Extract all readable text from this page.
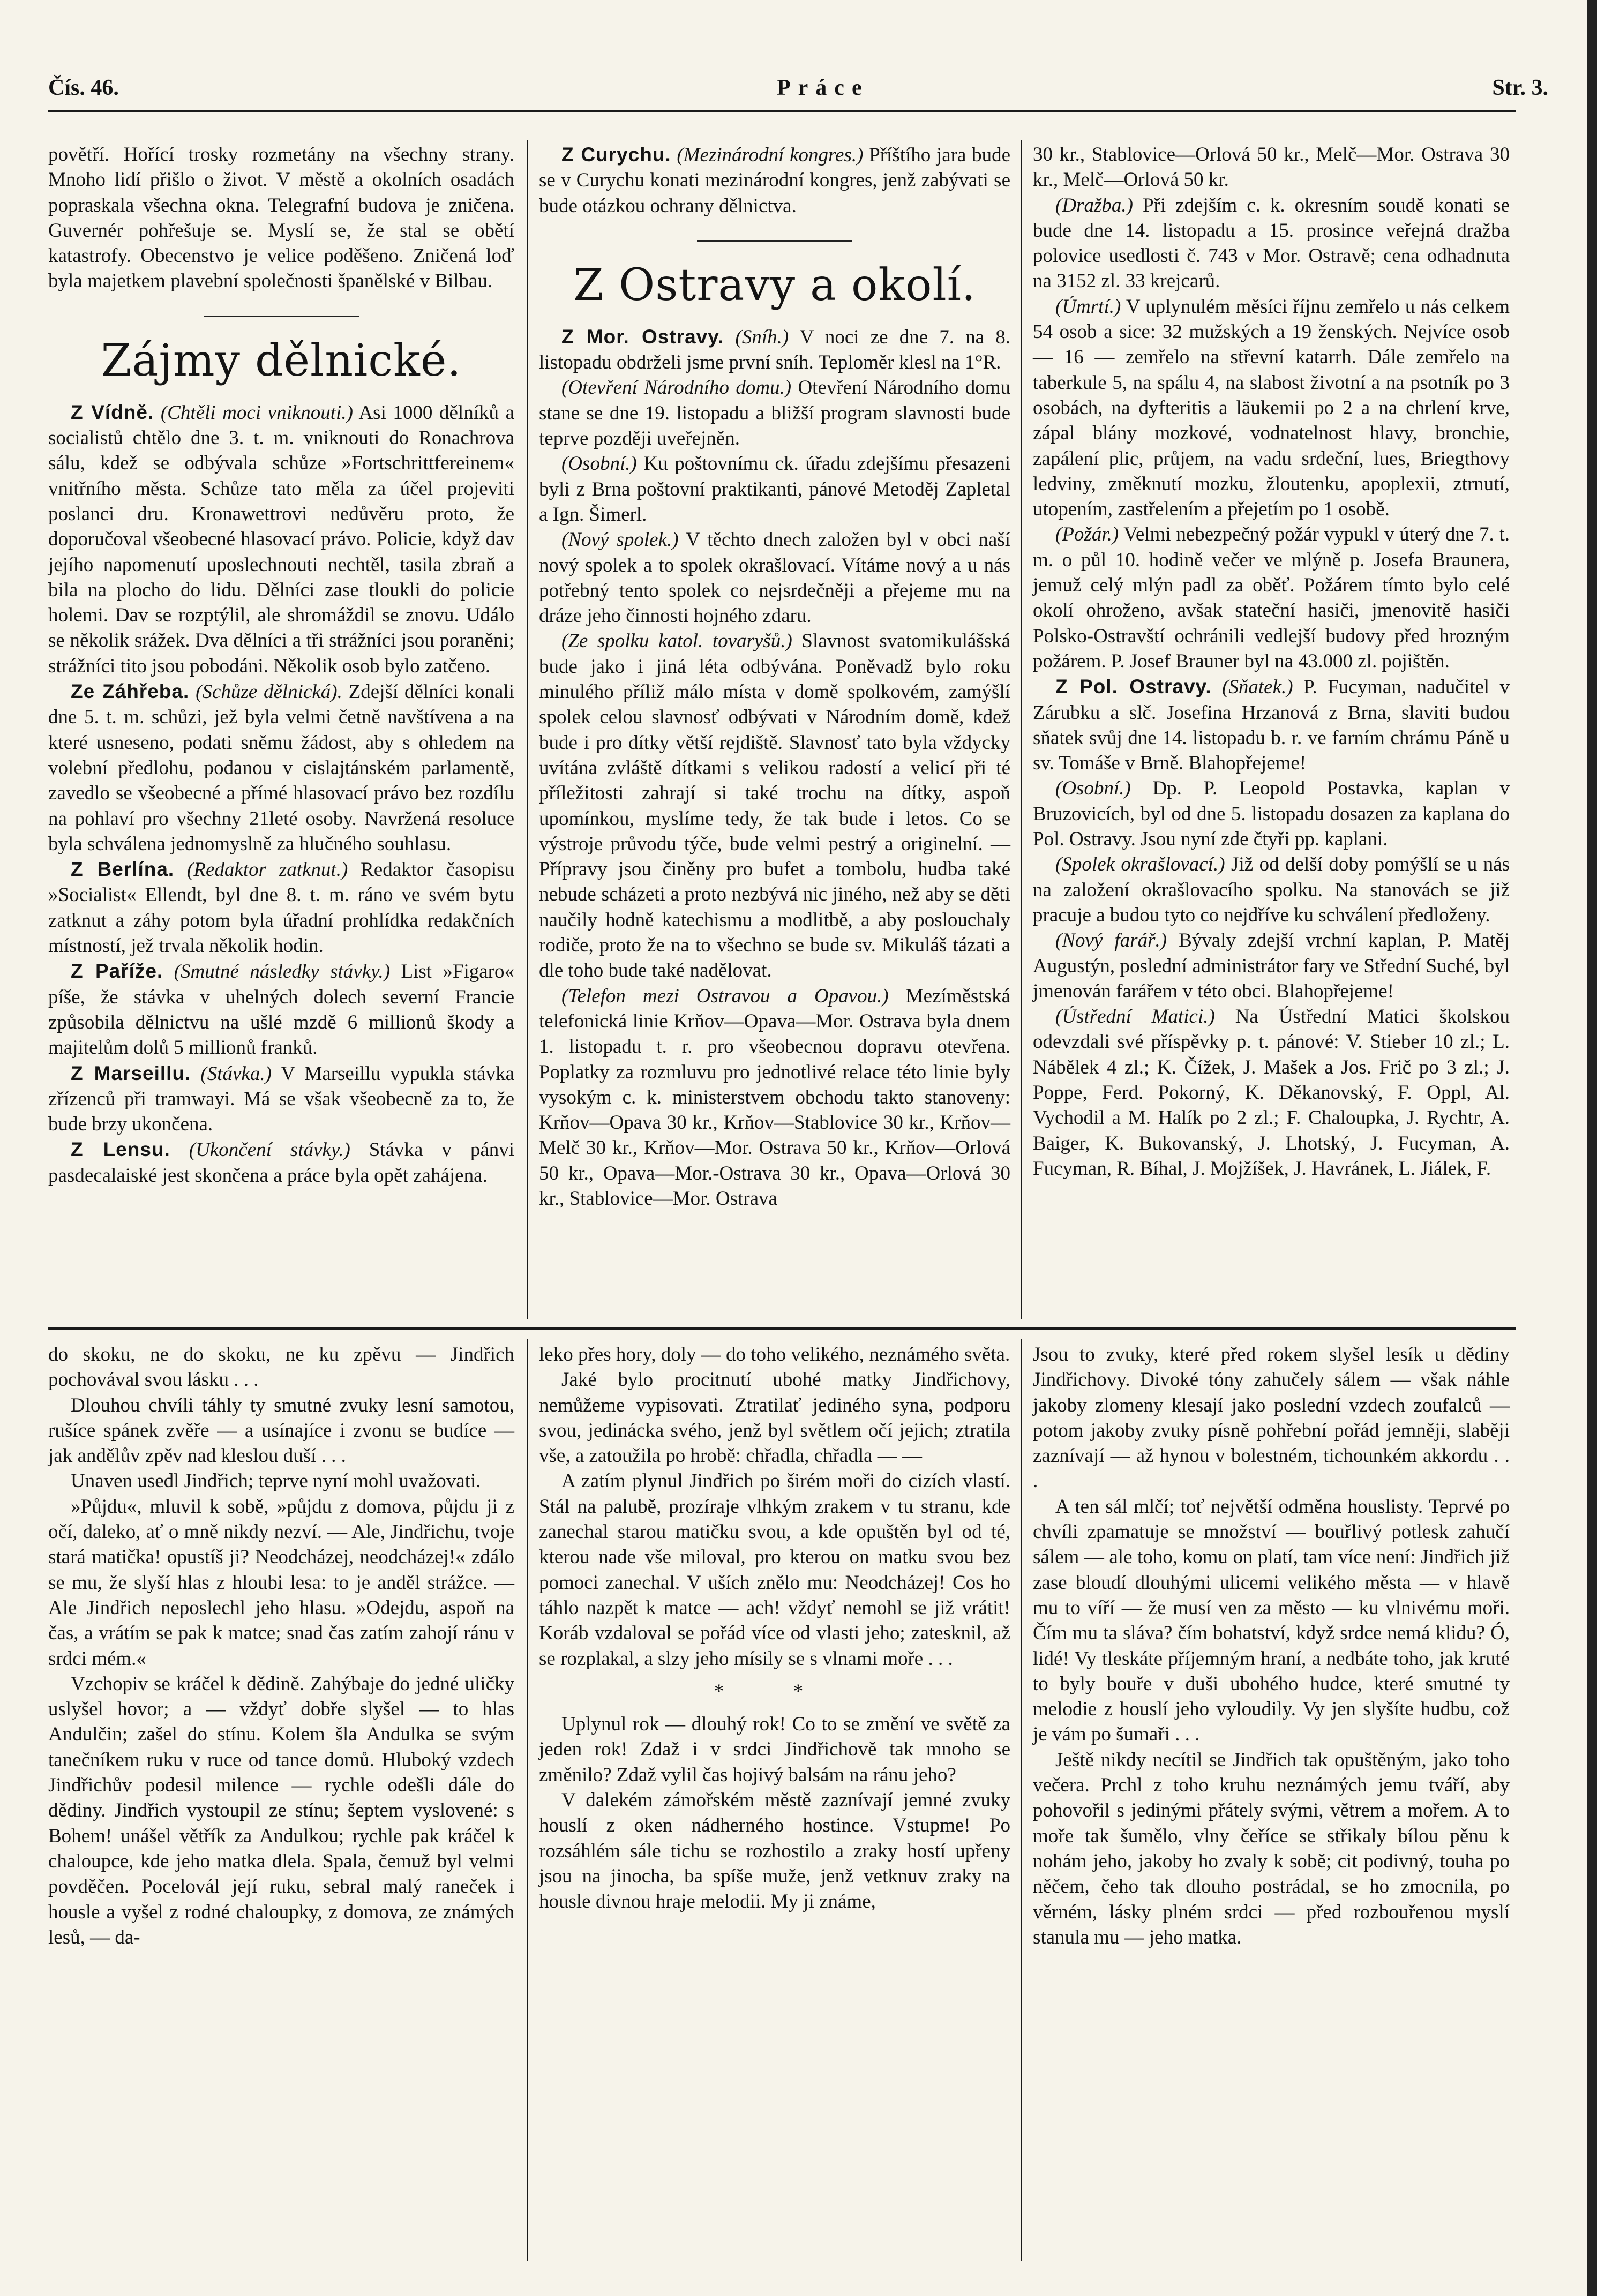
Čís. 46.	Práce	Str. 3.

povětří. Hořící trosky rozmetány na všechny strany. Mnoho lidí přišlo o život. V městě a okolních osadách popraskala všechna okna. Telegrafní budova je zničena. Guvernér pohřešuje se. Myslí se, že stal se obětí katastrofy. Obecenstvo je velice poděšeno. Zničená loď byla majetkem plavební společnosti španělské v Bilbau.

Zájmy dělnické.

Z Vídně. (Chtěli moci vniknouti.) Asi 1000 dělníků a socialistů chtělo dne 3. t. m. vniknouti do Ronachrova sálu, kdež se odbývala schůze »Fortschrittfereinem« vnitřního města. Schůze tato měla za účel projeviti poslanci dru. Kronawettrovi nedůvěru proto, že doporučoval všeobecné hlasovací právo. Policie, když dav jejího napomenutí uposlechnouti nechtěl, tasila zbraň a bila na plocho do lidu. Dělníci zase tloukli do policie holemi. Dav se rozptýlil, ale shromáždil se znovu. Událo se několik srážek. Dva dělníci a tři strážníci jsou poraněni; strážníci tito jsou pobodáni. Několik osob bylo zatčeno.

Ze Záhřeba. (Schůze dělnická). Zdejší dělníci konali dne 5. t. m. schůzi, jež byla velmi četně navštívena a na které usneseno, podati sněmu žádost, aby s ohledem na volební předlohu, podanou v cislajtánském parlamentě, zavedlo se všeobecné a přímé hlasovací právo bez rozdílu na pohlaví pro všechny 21leté osoby. Navržená resoluce byla schválena jednomyslně za hlučného souhlasu.

Z Berlína. (Redaktor zatknut.) Redaktor časopisu »Socialist« Ellendt, byl dne 8. t. m. ráno ve svém bytu zatknut a záhy potom byla úřadní prohlídka redakčních místností, jež trvala několik hodin.

Z Paříže. (Smutné následky stávky.) List »Figaro« píše, že stávka v uhelných dolech severní Francie způsobila dělnictvu na ušlé mzdě 6 millionů škody a majitelům dolů 5 millionů franků.

Z Marseillu. (Stávka.) V Marseillu vypukla stávka zřízenců při tramwayi. Má se však všeobecně za to, že bude brzy ukončena.

Z Lensu. (Ukončení stávky.) Stávka v pánvi pasdecalaiské jest skončena a práce byla opět zahájena.

Z Curychu. (Mezinárodní kongres.) Příštího jara bude se v Curychu konati mezinárodní kongres, jenž zabývati se bude otázkou ochrany dělnictva.

Z Ostravy a okolí.

Z Mor. Ostravy. (Sníh.) V noci ze dne 7. na 8. listopadu obdrželi jsme první sníh. Teploměr klesl na 1°R.

(Otevření Národního domu.) Otevření Národního domu stane se dne 19. listopadu a bližší program slavnosti bude teprve později uveřejněn.

(Osobní.) Ku poštovnímu ck. úřadu zdejšímu přesazeni byli z Brna poštovní praktikanti, pánové Metoděj Zapletal a Ign. Šimerl.

(Nový spolek.) V těchto dnech založen byl v obci naší nový spolek a to spolek okrašlovací. Vítáme nový a u nás potřebný tento spolek co nejsrdečněji a přejeme mu na dráze jeho činnosti hojného zdaru.

(Ze spolku katol. tovaryšů.) Slavnost svatomikulášská bude jako i jiná léta odbývána. Poněvadž bylo roku minulého příliž málo místa v domě spolkovém, zamýšlí spolek celou slavnosť odbývati v Národním domě, kdež bude i pro dítky větší rejdiště. Slavnosť tato byla vždycky uvítána zvláště dítkami s velikou radostí a velicí při té příležitosti zahrají si také trochu na dítky, aspoň upomínkou, myslíme tedy, že tak bude i letos. Co se výstroje průvodu týče, bude velmi pestrý a originelní. — Přípravy jsou činěny pro bufet a tombolu, hudba také nebude scházeti a proto nezbývá nic jiného, než aby se děti naučily hodně katechismu a modlitbě, a aby poslouchaly rodiče, proto že na to všechno se bude sv. Mikuláš tázati a dle toho bude také nadělovat.

(Telefon mezi Ostravou a Opavou.) Mezíměstská telefonická linie Krňov—Opava—Mor. Ostrava byla dnem 1. listopadu t. r. pro všeobecnou dopravu otevřena. Poplatky za rozmluvu pro jednotlivé relace této linie byly vysokým c. k. ministerstvem obchodu takto stanoveny: Krňov—Opava 30 kr., Krňov—Stablovice 30 kr., Krňov—Melč 30 kr., Krňov—Mor. Ostrava 50 kr., Krňov—Orlová 50 kr., Opava—Mor.-Ostrava 30 kr., Opava—Orlová 30 kr., Stablovice—Mor. Ostrava

30 kr., Stablovice—Orlová 50 kr., Melč—Mor. Ostrava 30 kr., Melč—Orlová 50 kr.

(Dražba.) Při zdejším c. k. okresním soudě konati se bude dne 14. listopadu a 15. prosince veřejná dražba polovice usedlosti č. 743 v Mor. Ostravě; cena odhadnuta na 3152 zl. 33 krejcarů.

(Úmrtí.) V uplynulém měsíci říjnu zemřelo u nás celkem 54 osob a sice: 32 mužských a 19 ženských. Nejvíce osob — 16 — zemřelo na střevní katarrh. Dále zemřelo na taberkule 5, na spálu 4, na slabost životní a na psotník po 3 osobách, na dyfteritis a läukemii po 2 a na chrlení krve, zápal blány mozkové, vodnatelnost hlavy, bronchie, zapálení plic, průjem, na vadu srdeční, lues, Briegthovy ledviny, změknutí mozku, žloutenku, apoplexii, ztrnutí, utopením, zastřelením a přejetím po 1 osobě.

(Požár.) Velmi nebezpečný požár vypukl v úterý dne 7. t. m. o půl 10. hodině večer ve mlýně p. Josefa Braunera, jemuž celý mlýn padl za oběť. Požárem tímto bylo celé okolí ohroženo, avšak stateční hasiči, jmenovitě hasiči Polsko-Ostravští ochránili vedlejší budovy před hrozným požárem. P. Josef Brauner byl na 43.000 zl. pojištěn.

Z Pol. Ostravy. (Sňatek.) P. Fucyman, nadučitel v Zárubku a slč. Josefina Hrzanová z Brna, slaviti budou sňatek svůj dne 14. listopadu b. r. ve farním chrámu Páně u sv. Tomáše v Brně. Blahopřejeme!

(Osobní.) Dp. P. Leopold Postavka, kaplan v Bruzovicích, byl od dne 5. listopadu dosazen za kaplana do Pol. Ostravy. Jsou nyní zde čtyři pp. kaplani.

(Spolek okrašlovací.) Již od delší doby pomýšlí se u nás na založení okrašlovacího spolku. Na stanovách se již pracuje a budou tyto co nejdříve ku schválení předloženy.

(Nový farář.) Bývaly zdejší vrchní kaplan, P. Matěj Augustýn, poslední administrátor fary ve Střední Suché, byl jmenován farářem v této obci. Blahopřejeme!

(Ústřední Matici.) Na Ústřední Matici školskou odevzdali své příspěvky p. t. pánové: V. Stieber 10 zl.; L. Nábělek 4 zl.; K. Čížek, J. Mašek a Jos. Frič po 3 zl.; J. Poppe, Ferd. Pokorný, K. Děkanovský, F. Oppl, Al. Vychodil a M. Halík po 2 zl.; F. Chaloupka, J. Rychtr, A. Baiger, K. Bukovanský, J. Lhotský, J. Fucyman, A. Fucyman, R. Bíhal, J. Mojžíšek, J. Havránek, L. Jiálek, F.

do skoku, ne do skoku, ne ku zpěvu — Jindřich pochovával svou lásku . . .

Dlouhou chvíli táhly ty smutné zvuky lesní samotou, rušíce spánek zvěře — a usínajíce i zvonu se budíce — jak andělův zpěv nad kleslou duší . . .

Unaven usedl Jindřich; teprve nyní mohl uvažovati.

»Půjdu«, mluvil k sobě, »půjdu z domova, půjdu ji z očí, daleko, ať o mně nikdy nezví. — Ale, Jindřichu, tvoje stará matička! opustíš ji? Neodcházej, neodcházej!« zdálo se mu, že slyší hlas z hloubi lesa: to je anděl strážce. — Ale Jindřich neposlechl jeho hlasu. »Odejdu, aspoň na čas, a vrátím se pak k matce; snad čas zatím zahojí ránu v srdci mém.«

Vzchopiv se kráčel k dědině. Zahýbaje do jedné uličky uslyšel hovor; a — vždyť dobře slyšel — to hlas Andulčin; zašel do stínu. Kolem šla Andulka se svým tanečníkem ruku v ruce od tance domů. Hluboký vzdech Jindřichův podesil milence — rychle odešli dále do dědiny. Jindřich vystoupil ze stínu; šeptem vyslovené: s Bohem! unášel větřík za Andulkou; rychle pak kráčel k chaloupce, kde jeho matka dlela. Spala, čemuž byl velmi povděčen. Pocelovál její ruku, sebral malý raneček i housle a vyšel z rodné chaloupky, z domova, ze známých lesů, — da-

leko přes hory, doly — do toho velikého, neznámého světa.

Jaké bylo procitnutí ubohé matky Jindřichovy, nemůžeme vypisovati. Ztratilať jediného syna, podporu svou, jedinácka svého, jenž byl světlem očí jejich; ztratila vše, a zatoužila po hrobě: chřadla, chřadla — —

A zatím plynul Jindřich po širém moři do cizích vlastí. Stál na palubě, prozíraje vlhkým zrakem v tu stranu, kde zanechal starou matičku svou, a kde opuštěn byl od té, kterou nade vše miloval, pro kterou on matku svou bez pomoci zanechal. V uších znělo mu: Neodcházej! Cos ho táhlo nazpět k matce — ach! vždyť nemohl se již vrátit! Koráb vzdaloval se pořád více od vlasti jeho; zatesknil, až se rozplakal, a slzy jeho mísily se s vlnami moře . . .

* *

Uplynul rok — dlouhý rok! Co to se změní ve světě za jeden rok! Zdaž i v srdci Jindřichově tak mnoho se změnilo? Zdaž vylil čas hojivý balsám na ránu jeho?

V dalekém zámořském městě zaznívají jemné zvuky houslí z oken nádherného hostince. Vstupme! Po rozsáhlém sále tichu se rozhostilo a zraky hostí upřeny jsou na jinocha, ba spíše muže, jenž vetknuv zraky na housle divnou hraje melodii. My ji známe,

Jsou to zvuky, které před rokem slyšel lesík u dědiny Jindřichovy. Divoké tóny zahučely sálem — však náhle jakoby zlomeny klesají jako poslední vzdech zoufalců — potom jakoby zvuky písně pohřební pořád jemněji, slaběji zaznívají — až hynou v bolestném, tichounkém akkordu . . .

A ten sál mlčí; toť největší odměna houslisty. Teprvé po chvíli zpamatuje se množství — bouřlivý potlesk zahučí sálem — ale toho, komu on platí, tam více není: Jindřich již zase bloudí dlouhými ulicemi velikého města — v hlavě mu to víří — že musí ven za město — ku vlnivému moři. Čím mu ta sláva? čím bohatství, když srdce nemá klidu? Ó, lidé! Vy tleskáte příjemným hraní, a nedbáte toho, jak kruté to byly bouře v duši ubohého hudce, které smutné ty melodie z houslí jeho vyloudily. Vy jen slyšíte hudbu, což je vám po šumaři . . .

Ještě nikdy necítil se Jindřich tak opuštěným, jako toho večera. Prchl z toho kruhu neznámých jemu tváří, aby pohovořil s jedinými přátely svými, větrem a mořem. A to moře tak šumělo, vlny čeříce se střikaly bílou pěnu k nohám jeho, jakoby ho zvaly k sobě; cit podivný, touha po něčem, čeho tak dlouho postrádal, se ho zmocnila, po věrném, lásky plném srdci — před rozbouřenou myslí stanula mu — jeho matka.
